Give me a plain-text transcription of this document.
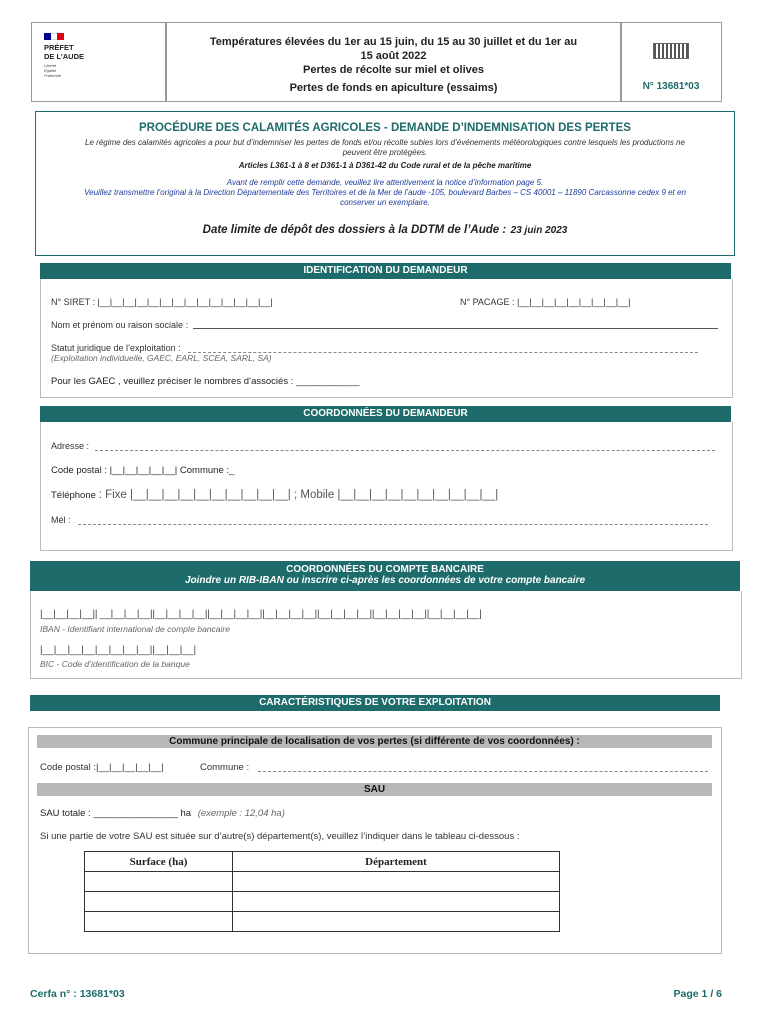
PRÉFET
DE L’AUDE
Liberté
Égalité
Fraternité
Températures élevées du 1er au 15 juin, du 15 au 30 juillet et du 1er au
15 août 2022
Pertes de récolte sur miel et olives
Pertes de fonds en apiculture (essaims)	N° 13681*03
PROCÉDURE DES CALAMITÉS AGRICOLES - DEMANDE D’INDEMNISATION DES PERTES
Le régime des calamités agricoles a pour but d’indemniser les pertes de fonds et/ou récolte subies lors d’événements météorologiques contre lesquels les productions ne
peuvent être protégées.
Articles L361-1 à 8 et D361-1 à D361-42 du Code rural et de la pêche maritime
Avant de remplir cette demande, veuillez lire attentivement la notice d’information page 5.
Veuillez transmettre l’original à la Direction Départementale des Territoires et de la Mer de l’aude -105, boulevard Barbes – CS 40001 – 11890 Carcassonne cedex 9 et en
conserver un exemplaire.
Date limite de dépôt des dossiers à la DDTM de l’Aude : 23 juin 2023
IDENTIFICATION DU DEMANDEUR
N° SIRET : |__|__|__|__|__|__|__|__|__|__|__|__|__|__|	N° PACAGE : |__|__|__|__|__|__|__|__|__|
Nom et prénom ou raison sociale :
Statut juridique de l’exploitation :
(Exploitation individuelle, GAEC, EARL, SCEA, SARL, SA)
Pour les GAEC , veuillez préciser le nombres d’associés : ____________
COORDONNÉES DU DEMANDEUR
Adresse :
Code postal : |__|__|__|__|__| Commune :_
Téléphone : Fixe |__|__|__|__|__|__|__|__|__|__| ; Mobile |__|__|__|__|__|__|__|__|__|__|
Mél :
COORDONNÉES DU COMPTE BANCAIRE
Joindre un RIB-IBAN ou inscrire ci-après les coordonnées de votre compte bancaire
|__|__|__|__|| __|__|__|__||__|__|__|__||__|__|__|__||__|__|__|__||__|__|__|__||__|__|__|__||__|__|__|__|
IBAN - Identifiant international de compte bancaire
|__|__|__|__|__|__|__|__||__|__|__|
BIC - Code d’identification de la banque
CARACTÉRISTIQUES DE VOTRE EXPLOITATION
Commune principale de localisation de vos pertes (si différente de vos coordonnées) :
Code postal :|__|__|__|__|__|	Commune :
SAU
SAU totale : ________________ ha (exemple : 12,04 ha)
Si une partie de votre SAU est située sur d’autre(s) département(s), veuillez l’indiquer dans le tableau ci-dessous :
Surface (ha)	Département

Cerfa n° : 13681*03	Page 1 / 6
